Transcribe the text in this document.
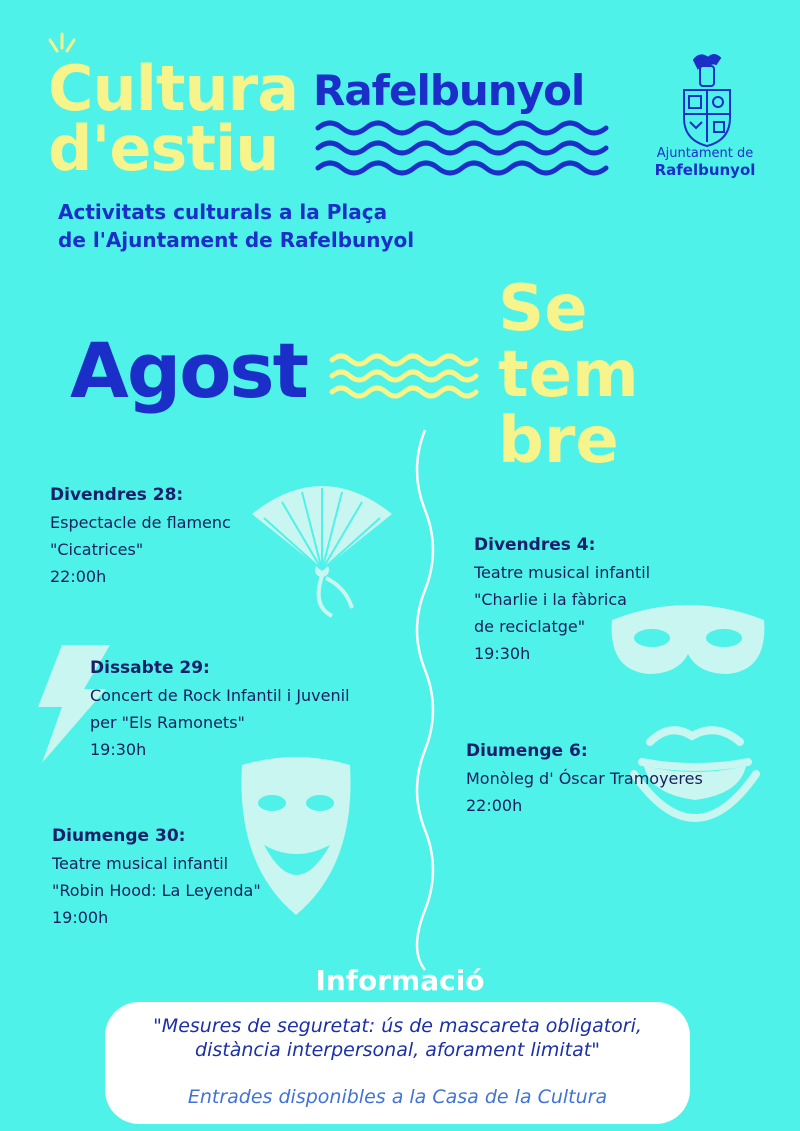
Cultura
d'estiu
Rafelbunyol
Ajuntament de
Rafelbunyol
Activitats culturals a la Plaça
de l'Ajuntament de Rafelbunyol
Agost
Se
tem
bre
Divendres 28:
Espectacle de flamenc
"Cicatrices"
22:00h
Dissabte 29:
Concert de Rock Infantil i Juvenil
per "Els Ramonets"
19:30h
Diumenge 30:
Teatre musical infantil
"Robin Hood: La Leyenda"
19:00h
Divendres 4:
Teatre musical infantil
"Charlie i la fàbrica
de reciclatge"
19:30h
Diumenge 6:
Monòleg d' Óscar Tramoyeres
22:00h
Informació
"Mesures de seguretat: ús de mascareta obligatori,
distància interpersonal, aforament limitat"
Entrades disponibles a la Casa de la Cultura
